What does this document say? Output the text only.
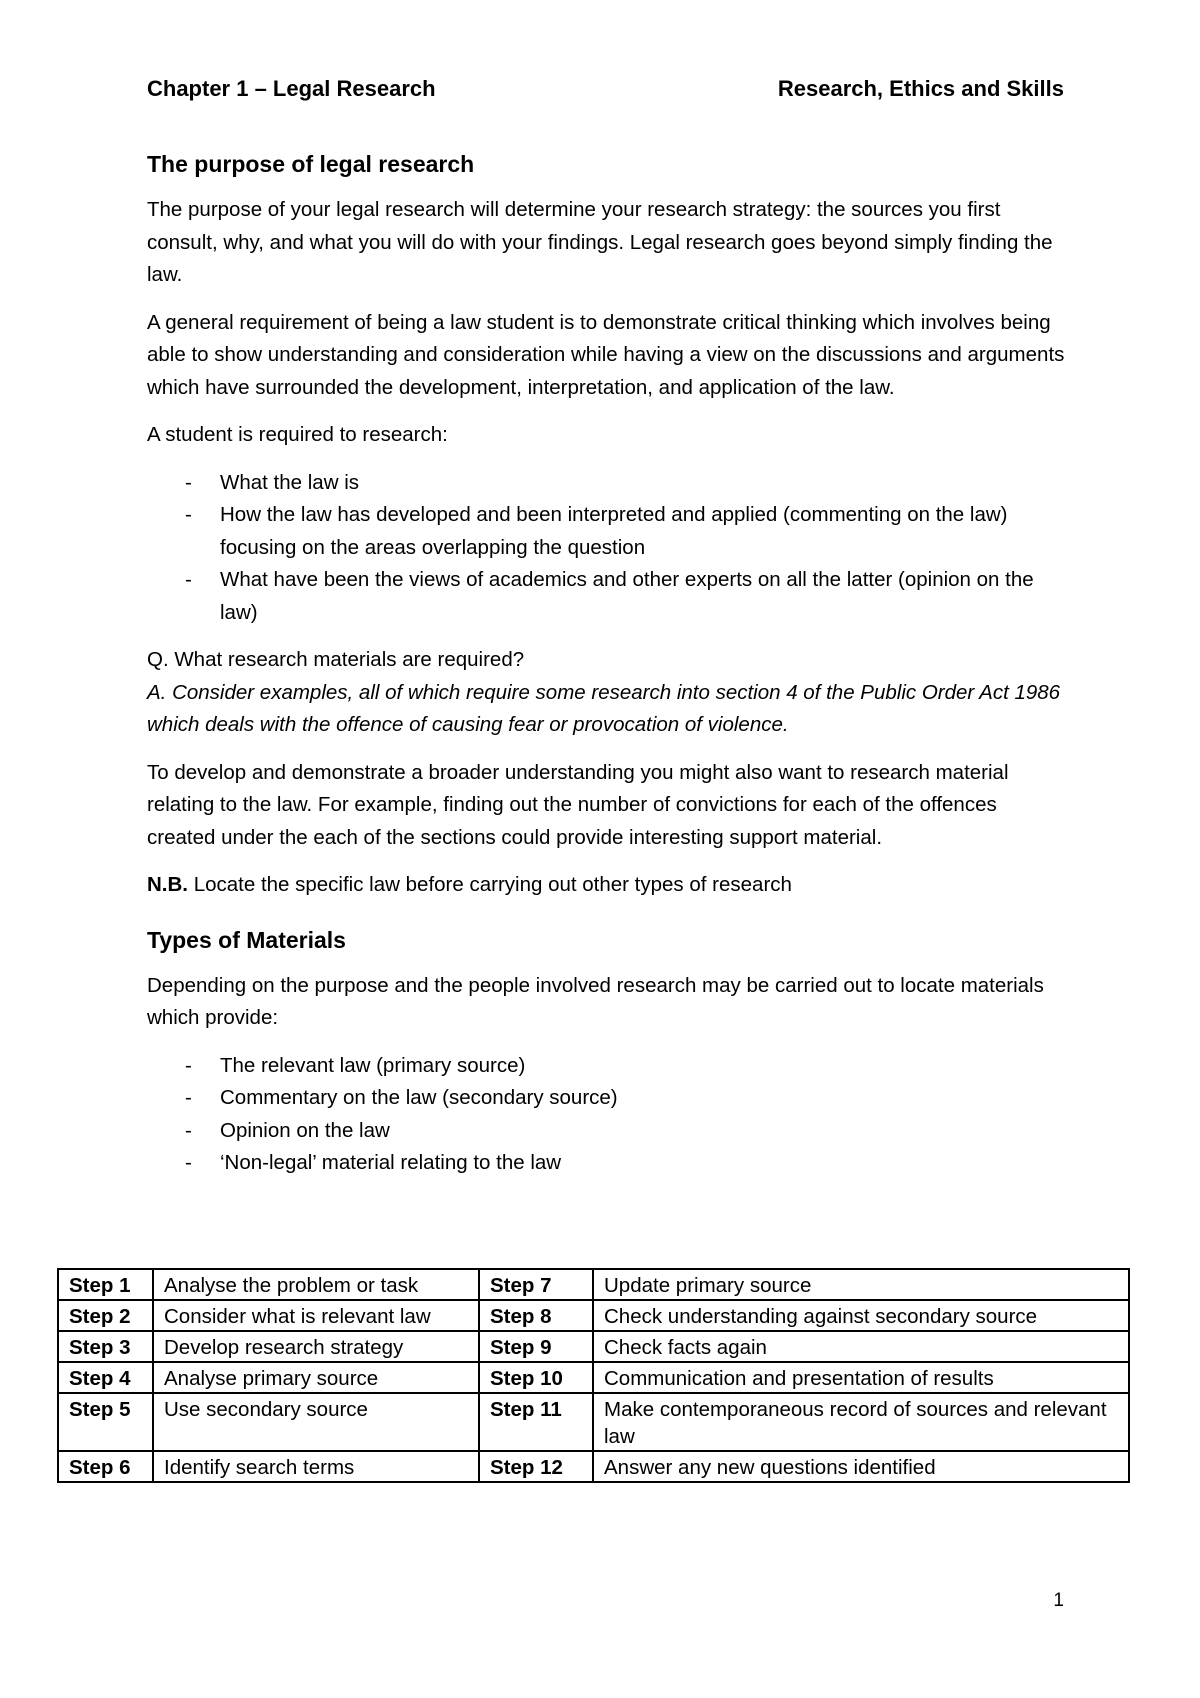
Chapter 1 – Legal Research	Research, Ethics and Skills
The purpose of legal research

The purpose of your legal research will determine your research strategy: the sources you first consult, why, and what you will do with your findings. Legal research goes beyond simply finding the law.

A general requirement of being a law student is to demonstrate critical thinking which involves being able to show understanding and consideration while having a view on the discussions and arguments which have surrounded the development, interpretation, and application of the law.

A student is required to research:

- What the law is
- How the law has developed and been interpreted and applied (commenting on the law) focusing on the areas overlapping the question
- What have been the views of academics and other experts on all the latter (opinion on the law)
Q. What research materials are required?
A. Consider examples, all of which require some research into section 4 of the Public Order Act 1986 which deals with the offence of causing fear or provocation of violence.

To develop and demonstrate a broader understanding you might also want to research material relating to the law. For example, finding out the number of convictions for each of the offences created under the each of the sections could provide interesting support material.

N.B. Locate the specific law before carrying out other types of research

Types of Materials

Depending on the purpose and the people involved research may be carried out to locate materials which provide:

- The relevant law (primary source)
- Commentary on the law (secondary source)
- Opinion on the law
- ‘Non-legal’ material relating to the law
Step 1	Analyse the problem or task	Step 7	Update primary source
Step 2	Consider what is relevant law	Step 8	Check understanding against secondary source
Step 3	Develop research strategy	Step 9	Check facts again
Step 4	Analyse primary source	Step 10	Communication and presentation of results
Step 5	Use secondary source	Step 11	Make contemporaneous record of sources and relevant law
Step 6	Identify search terms	Step 12	Answer any new questions identified
1
